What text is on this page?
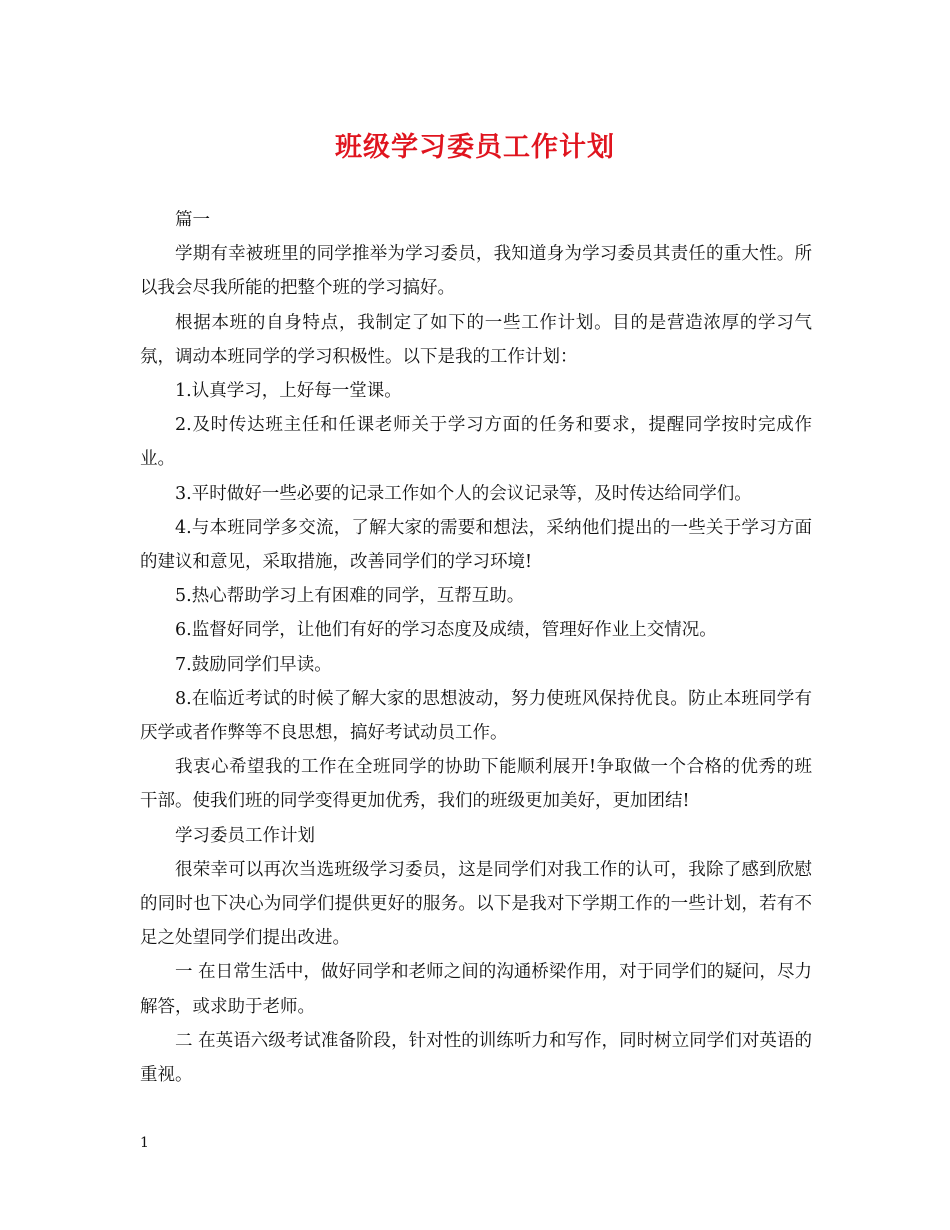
班级学习委员工作计划

篇一

学期有幸被班里的同学推举为学习委员，我知道身为学习委员其责任的重大性。所以我会尽我所能的把整个班的学习搞好。

根据本班的自身特点，我制定了如下的一些工作计划。目的是营造浓厚的学习气氛，调动本班同学的学习积极性。以下是我的工作计划：

1.认真学习，上好每一堂课。

2.及时传达班主任和任课老师关于学习方面的任务和要求，提醒同学按时完成作业。

3.平时做好一些必要的记录工作如个人的会议记录等，及时传达给同学们。

4.与本班同学多交流，了解大家的需要和想法，采纳他们提出的一些关于学习方面的建议和意见，采取措施，改善同学们的学习环境!

5.热心帮助学习上有困难的同学，互帮互助。

6.监督好同学，让他们有好的学习态度及成绩，管理好作业上交情况。

7.鼓励同学们早读。

8.在临近考试的时候了解大家的思想波动，努力使班风保持优良。防止本班同学有厌学或者作弊等不良思想，搞好考试动员工作。

我衷心希望我的工作在全班同学的协助下能顺利展开!争取做一个合格的优秀的班干部。使我们班的同学变得更加优秀，我们的班级更加美好，更加团结!

学习委员工作计划

很荣幸可以再次当选班级学习委员，这是同学们对我工作的认可，我除了感到欣慰的同时也下决心为同学们提供更好的服务。以下是我对下学期工作的一些计划，若有不足之处望同学们提出改进。

一 在日常生活中，做好同学和老师之间的沟通桥梁作用，对于同学们的疑问，尽力解答，或求助于老师。

二 在英语六级考试准备阶段，针对性的训练听力和写作，同时树立同学们对英语的重视。

1
